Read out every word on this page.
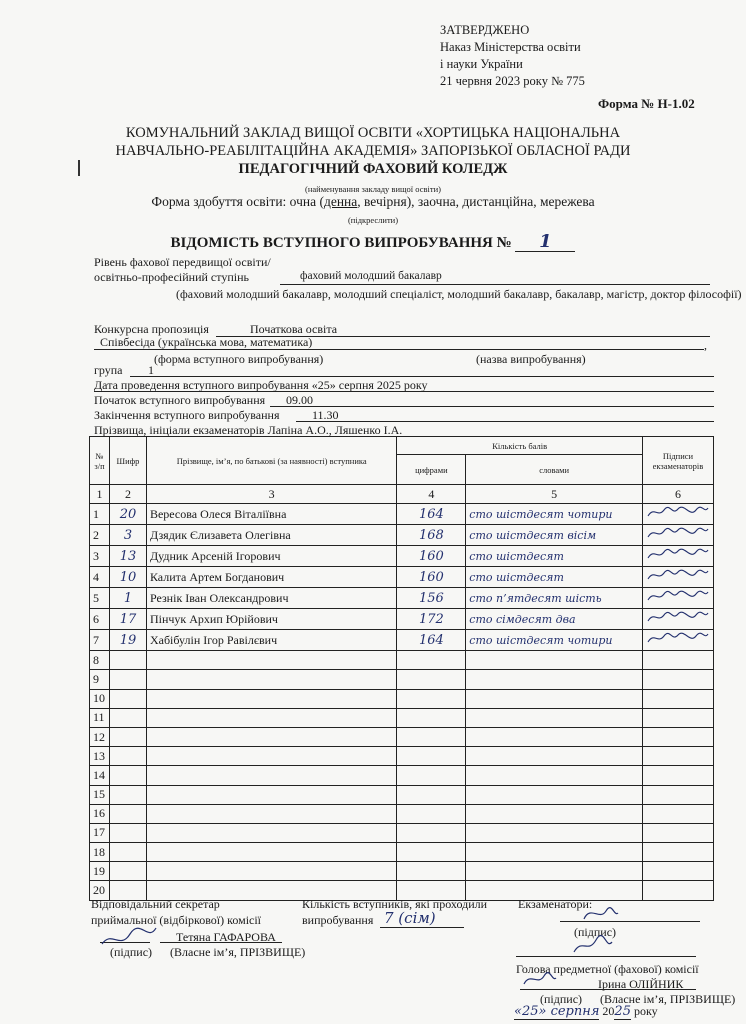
ЗАТВЕРДЖЕНО
Наказ Міністерства освіти
і науки України
21 червня 2023 року № 775
Форма № Н-1.02
КОМУНАЛЬНИЙ ЗАКЛАД ВИЩОЇ ОСВІТИ «ХОРТИЦЬКА НАЦІОНАЛЬНА
НАВЧАЛЬНО-РЕАБІЛІТАЦІЙНА АКАДЕМІЯ» ЗАПОРІЗЬКОЇ ОБЛАСНОЇ РАДИ
ПЕДАГОГІЧНИЙ ФАХОВИЙ КОЛЕДЖ
(найменування закладу вищої освіти)
Форма здобуття освіти: очна (денна, вечірня), заочна, дистанційна, мережева
(підкреслити)
ВІДОМІСТЬ ВСТУПНОГО ВИПРОБУВАННЯ № 1
Рівень фахової передвищої освіти/
освітньо-професійний ступінь	фаховий молодший бакалавр
(фаховий молодший бакалавр, молодший спеціаліст, молодший бакалавр, бакалавр, магістр, доктор філософії)
Конкурсна пропозиція	Початкова освіта
Співбесіда (українська мова, математика)	,
(форма вступного випробування)	(назва випробування)
група 1
Дата проведення вступного випробування «25» серпня 2025 року
Початок вступного випробування 09.00
Закінчення вступного випробування	11.30
Прізвища, ініціали екзаменаторів Лапіна А.О., Ляшенко І.А.
№ з/п	Шифр	Прізвище, ім’я, по батькові (за наявності) вступника	Кількість балів		Підписи екзаменаторів
			цифрами	словами	
1	2	3	4	5	6
1	20	Вересова Олеся Віталіївна	164	сто шістдесят чотири	
2	3	Дзядик Єлизавета Олегівна	168	сто шістдесят вісім	
3	13	Дудник Арсеній Ігорович	160	сто шістдесят	
4	10	Калита Артем Богданович	160	сто шістдесят	
5	1	Резнік Іван Олександрович	156	сто п’ятдесят шість	
6	17	Пінчук Архип Юрійович	172	сто сімдесят два	
7	19	Хабібулін Ігор Равілєвич	164	сто шістдесят чотири	
8					
9					
10					
11					
12					
13					
14					
15					
16					
17					
18					
19					
20					
Відповідальний секретар
приймальної (відбіркової) комісії
Тетяна ГАФАРОВА
(підпис) (Власне ім’я, ПРІЗВИЩЕ)
Кількість вступників, які проходили
випробування 7 (сім)
Екзаменатори:
(підпис)
Голова предметної (фахової) комісії
Ірина ОЛІЙНИК
(підпис) (Власне ім’я, ПРІЗВИЩЕ)
«25» серпня 2025 року
